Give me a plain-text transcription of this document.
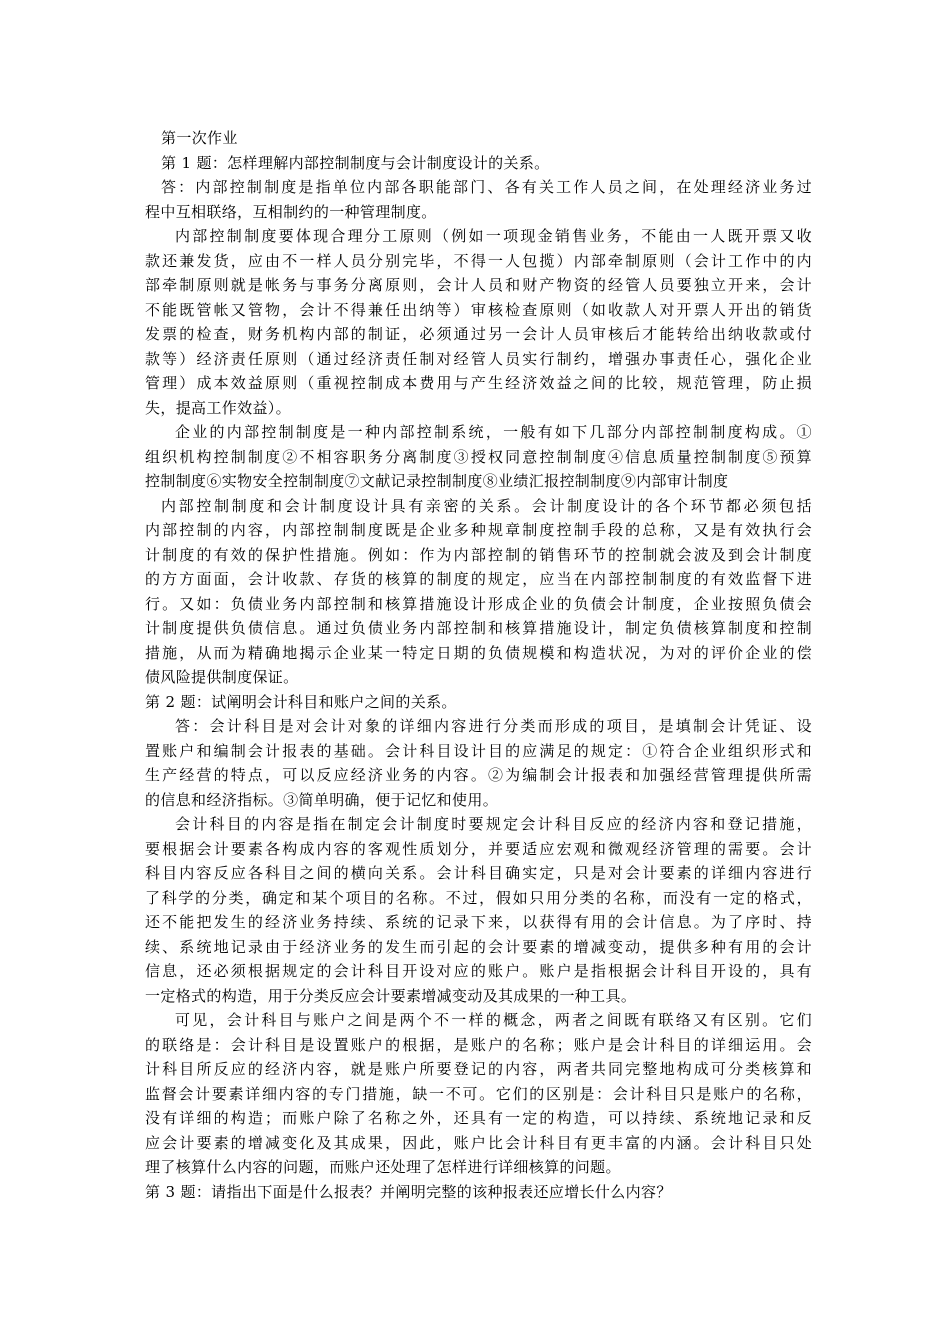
第一次作业
第 1 题：怎样理解内部控制制度与会计制度设计的关系。
答：内部控制制度是指单位内部各职能部门、各有关工作人员之间，在处理经济业务过
程中互相联络，互相制约的一种管理制度。
内部控制制度要体现合理分工原则（例如一项现金销售业务，不能由一人既开票又收
款还兼发货，应由不一样人员分别完毕，不得一人包揽）内部牵制原则（会计工作中的内
部牵制原则就是帐务与事务分离原则，会计人员和财产物资的经管人员要独立开来，会计
不能既管帐又管物，会计不得兼任出纳等）审核检查原则（如收款人对开票人开出的销货
发票的检查，财务机构内部的制证，必须通过另一会计人员审核后才能转给出纳收款或付
款等）经济责任原则（通过经济责任制对经管人员实行制约，增强办事责任心，强化企业
管理）成本效益原则（重视控制成本费用与产生经济效益之间的比较，规范管理，防止损
失，提高工作效益）。
企业的内部控制制度是一种内部控制系统，一般有如下几部分内部控制制度构成。①
组织机构控制制度②不相容职务分离制度③授权同意控制制度④信息质量控制制度⑤预算
控制制度⑥实物安全控制制度⑦文献记录控制制度⑧业绩汇报控制制度⑨内部审计制度
内部控制制度和会计制度设计具有亲密的关系。会计制度设计的各个环节都必须包括
内部控制的内容，内部控制制度既是企业多种规章制度控制手段的总称，又是有效执行会
计制度的有效的保护性措施。例如：作为内部控制的销售环节的控制就会波及到会计制度
的方方面面，会计收款、存货的核算的制度的规定，应当在内部控制制度的有效监督下进
行。又如：负债业务内部控制和核算措施设计形成企业的负债会计制度，企业按照负债会
计制度提供负债信息。通过负债业务内部控制和核算措施设计，制定负债核算制度和控制
措施，从而为精确地揭示企业某一特定日期的负债规模和构造状况，为对的评价企业的偿
债风险提供制度保证。
第 2 题：试阐明会计科目和账户之间的关系。
答：会计科目是对会计对象的详细内容进行分类而形成的项目，是填制会计凭证、设
置账户和编制会计报表的基础。会计科目设计目的应满足的规定：①符合企业组织形式和
生产经营的特点，可以反应经济业务的内容。②为编制会计报表和加强经营管理提供所需
的信息和经济指标。③简单明确，便于记忆和使用。
会计科目的内容是指在制定会计制度时要规定会计科目反应的经济内容和登记措施，
要根据会计要素各构成内容的客观性质划分，并要适应宏观和微观经济管理的需要。会计
科目内容反应各科目之间的横向关系。会计科目确实定，只是对会计要素的详细内容进行
了科学的分类，确定和某个项目的名称。不过，假如只用分类的名称，而没有一定的格式，
还不能把发生的经济业务持续、系统的记录下来，以获得有用的会计信息。为了序时、持
续、系统地记录由于经济业务的发生而引起的会计要素的增减变动，提供多种有用的会计
信息，还必须根据规定的会计科目开设对应的账户。账户是指根据会计科目开设的，具有
一定格式的构造，用于分类反应会计要素增减变动及其成果的一种工具。
可见，会计科目与账户之间是两个不一样的概念，两者之间既有联络又有区别。它们
的联络是：会计科目是设置账户的根据，是账户的名称；账户是会计科目的详细运用。会
计科目所反应的经济内容，就是账户所要登记的内容，两者共同完整地构成可分类核算和
监督会计要素详细内容的专门措施，缺一不可。它们的区别是：会计科目只是账户的名称，
没有详细的构造；而账户除了名称之外，还具有一定的构造，可以持续、系统地记录和反
应会计要素的增减变化及其成果，因此，账户比会计科目有更丰富的内涵。会计科目只处
理了核算什么内容的问题，而账户还处理了怎样进行详细核算的问题。
第 3 题：请指出下面是什么报表？并阐明完整的该种报表还应增长什么内容？
